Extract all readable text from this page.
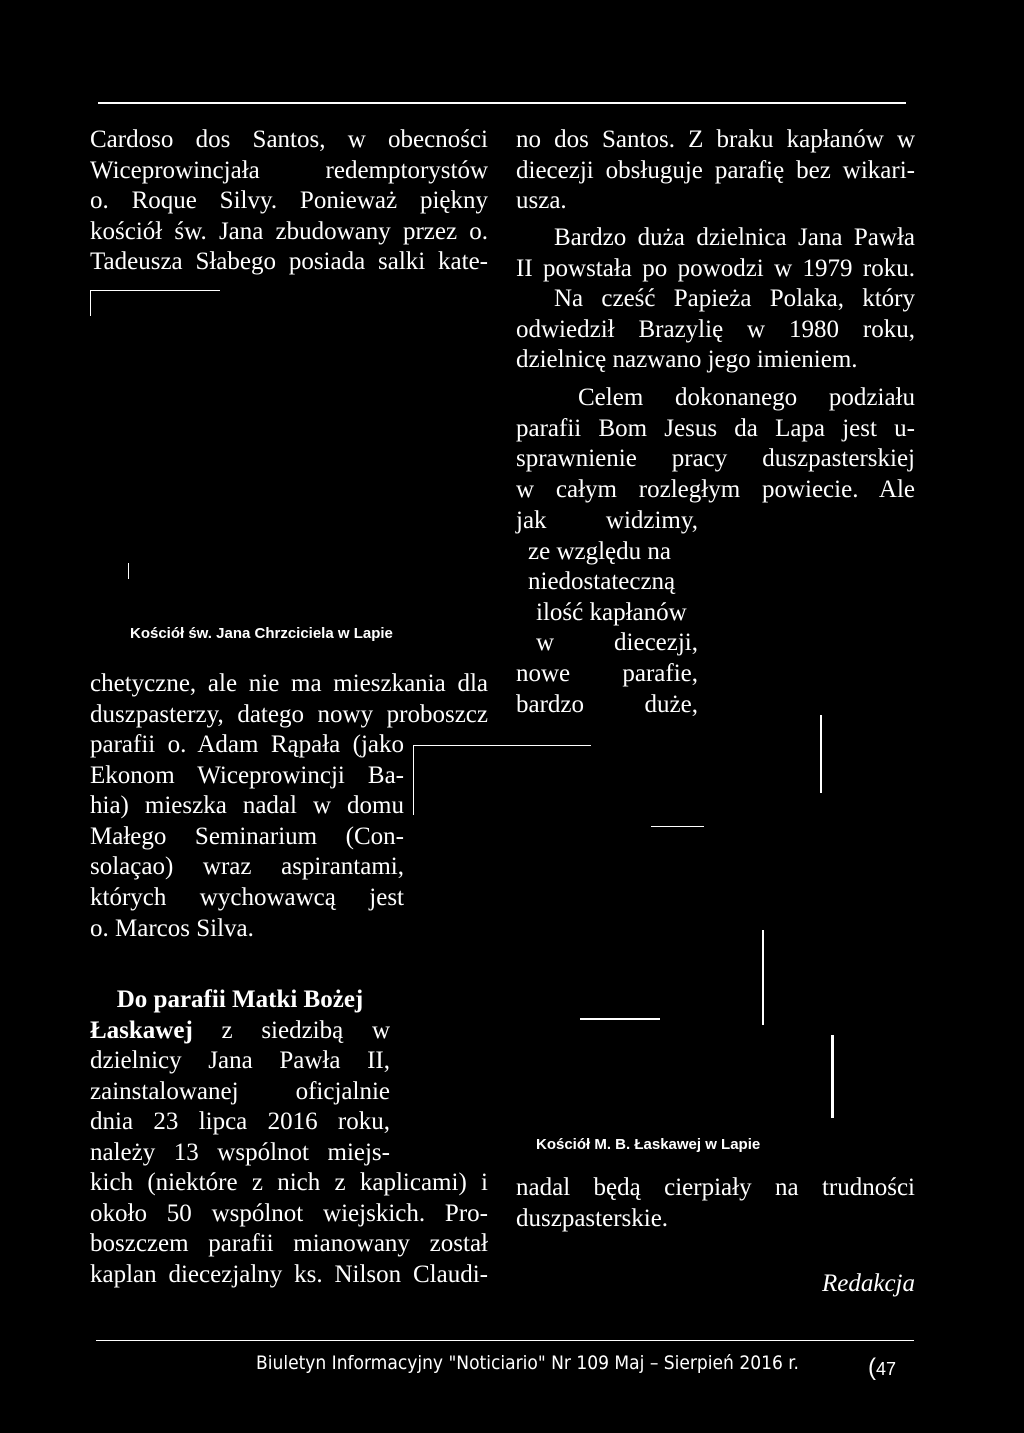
Cardoso dos Santos, w obecności
Wiceprowincjała redemptorystów
o. Roque Silvy. Ponieważ piękny
kościół św. Jana zbudowany przez o.
Tadeusza Słabego posiada salki kate-

Kościół św. Jana Chrzciciela w Lapie

chetyczne, ale nie ma mieszkania dla
duszpasterzy, datego nowy proboszcz
parafii o. Adam Rąpała (jako
Ekonom Wiceprowincji Ba-
hia) mieszka nadal w domu
Małego Seminarium (Con-
solaçao) wraz aspirantami,
których wychowawcą jest
o. Marcos Silva.
Do parafii Matki Bożej
Łaskawej z siedzibą w
dzielnicy Jana Pawła II,
zainstalowanej oficjalnie
dnia 23 lipca 2016 roku,
należy 13 wspólnot miejs-
kich (niektóre z nich z kaplicami) i
około 50 wspólnot wiejskich. Pro-
boszczem parafii mianowany został
kaplan diecezjalny ks. Nilson Claudi-
no dos Santos. Z braku kapłanów w
diecezji obsługuje parafię bez wikari-
usza.
Bardzo duża dzielnica Jana Pawła
II powstała po powodzi w 1979 roku.
Na cześć Papieża Polaka, który
odwiedził Brazylię w 1980 roku,
dzielnicę nazwano jego imieniem.
Celem dokonanego podziału
parafii Bom Jesus da Lapa jest u-
sprawnienie pracy duszpasterskiej
w całym rozległym powiecie. Ale
jak widzimy,
ze względu na
niedostateczną
ilość kapłanów
w diecezji,
nowe parafie,
bardzo duże,

Kościół M. B. Łaskawej w Lapie

nadal będą cierpiały na trudności
duszpasterskie.

Redakcja

Biuletyn Informacyjny "Noticiario" Nr 109 Maj – Sierpień 2016 r.	(47
